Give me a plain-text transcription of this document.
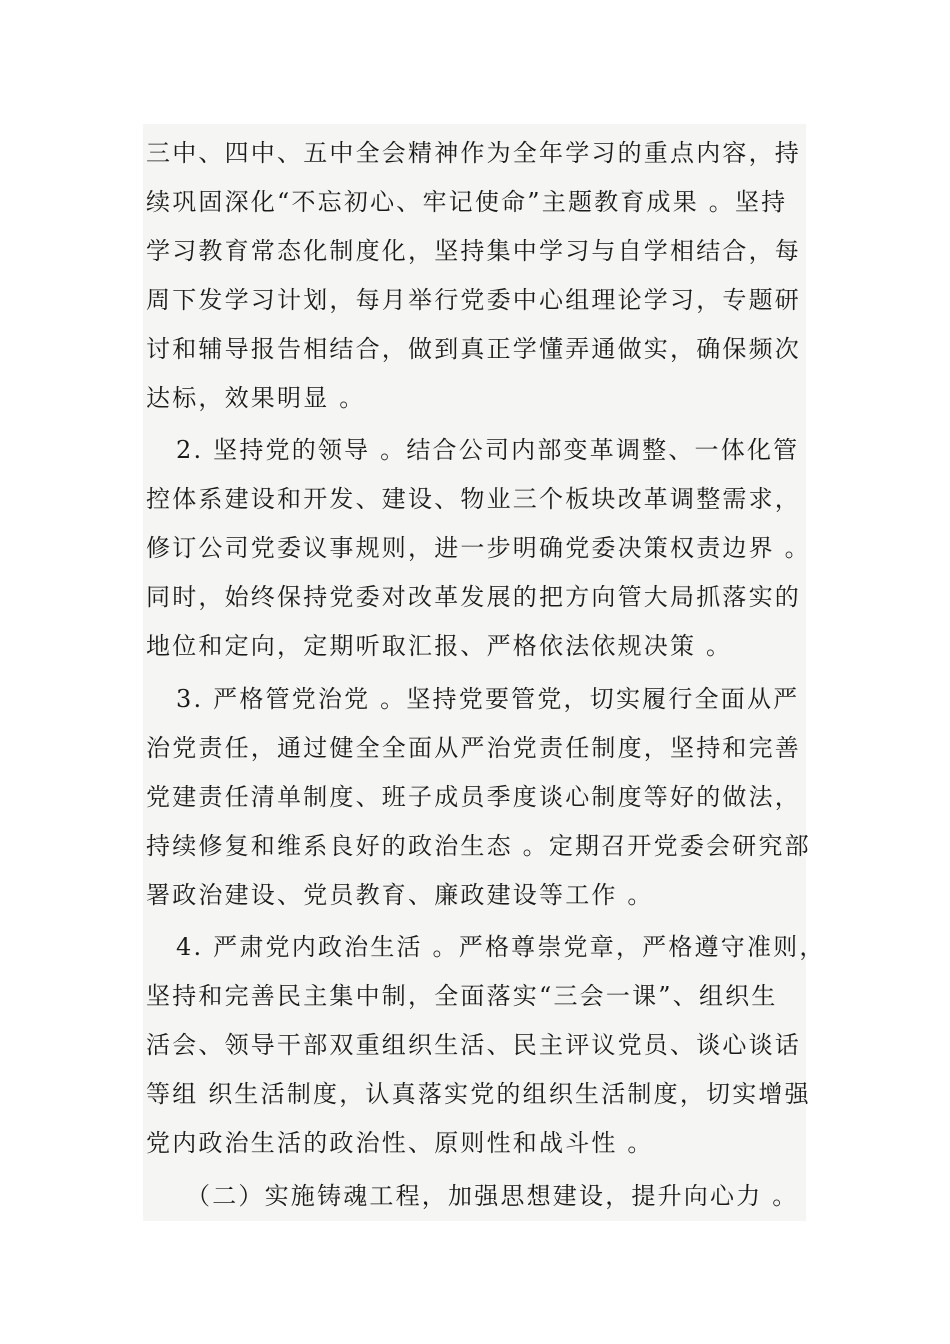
三中、四中、五中全会精神作为全年学习的重点内容，持
续巩固深化“不忘初心、牢记使命”主题教育成果 。坚持
学习教育常态化制度化，坚持集中学习与自学相结合，每
周下发学习计划，每月举行党委中心组理论学习，专题研
讨和辅导报告相结合，做到真正学懂弄通做实，确保频次
达标，效果明显 。
2. 坚持党的领导 。结合公司内部变革调整、一体化管
控体系建设和开发、建设、物业三个板块改革调整需求，
修订公司党委议事规则，进一步明确党委决策权责边界 。
同时，始终保持党委对改革发展的把方向管大局抓落实的
地位和定向，定期听取汇报、严格依法依规决策 。
3. 严格管党治党 。坚持党要管党，切实履行全面从严
治党责任，通过健全全面从严治党责任制度，坚持和完善
党建责任清单制度、班子成员季度谈心制度等好的做法，
持续修复和维系良好的政治生态 。定期召开党委会研究部
署政治建设、党员教育、廉政建设等工作 。
4. 严肃党内政治生活 。严格尊崇党章，严格遵守准则，
坚持和完善民主集中制，全面落实“三会一课”、组织生
活会、领导干部双重组织生活、民主评议党员、谈心谈话
等组 织生活制度，认真落实党的组织生活制度，切实增强
党内政治生活的政治性、原则性和战斗性 。
（二）实施铸魂工程，加强思想建设，提升向心力 。
